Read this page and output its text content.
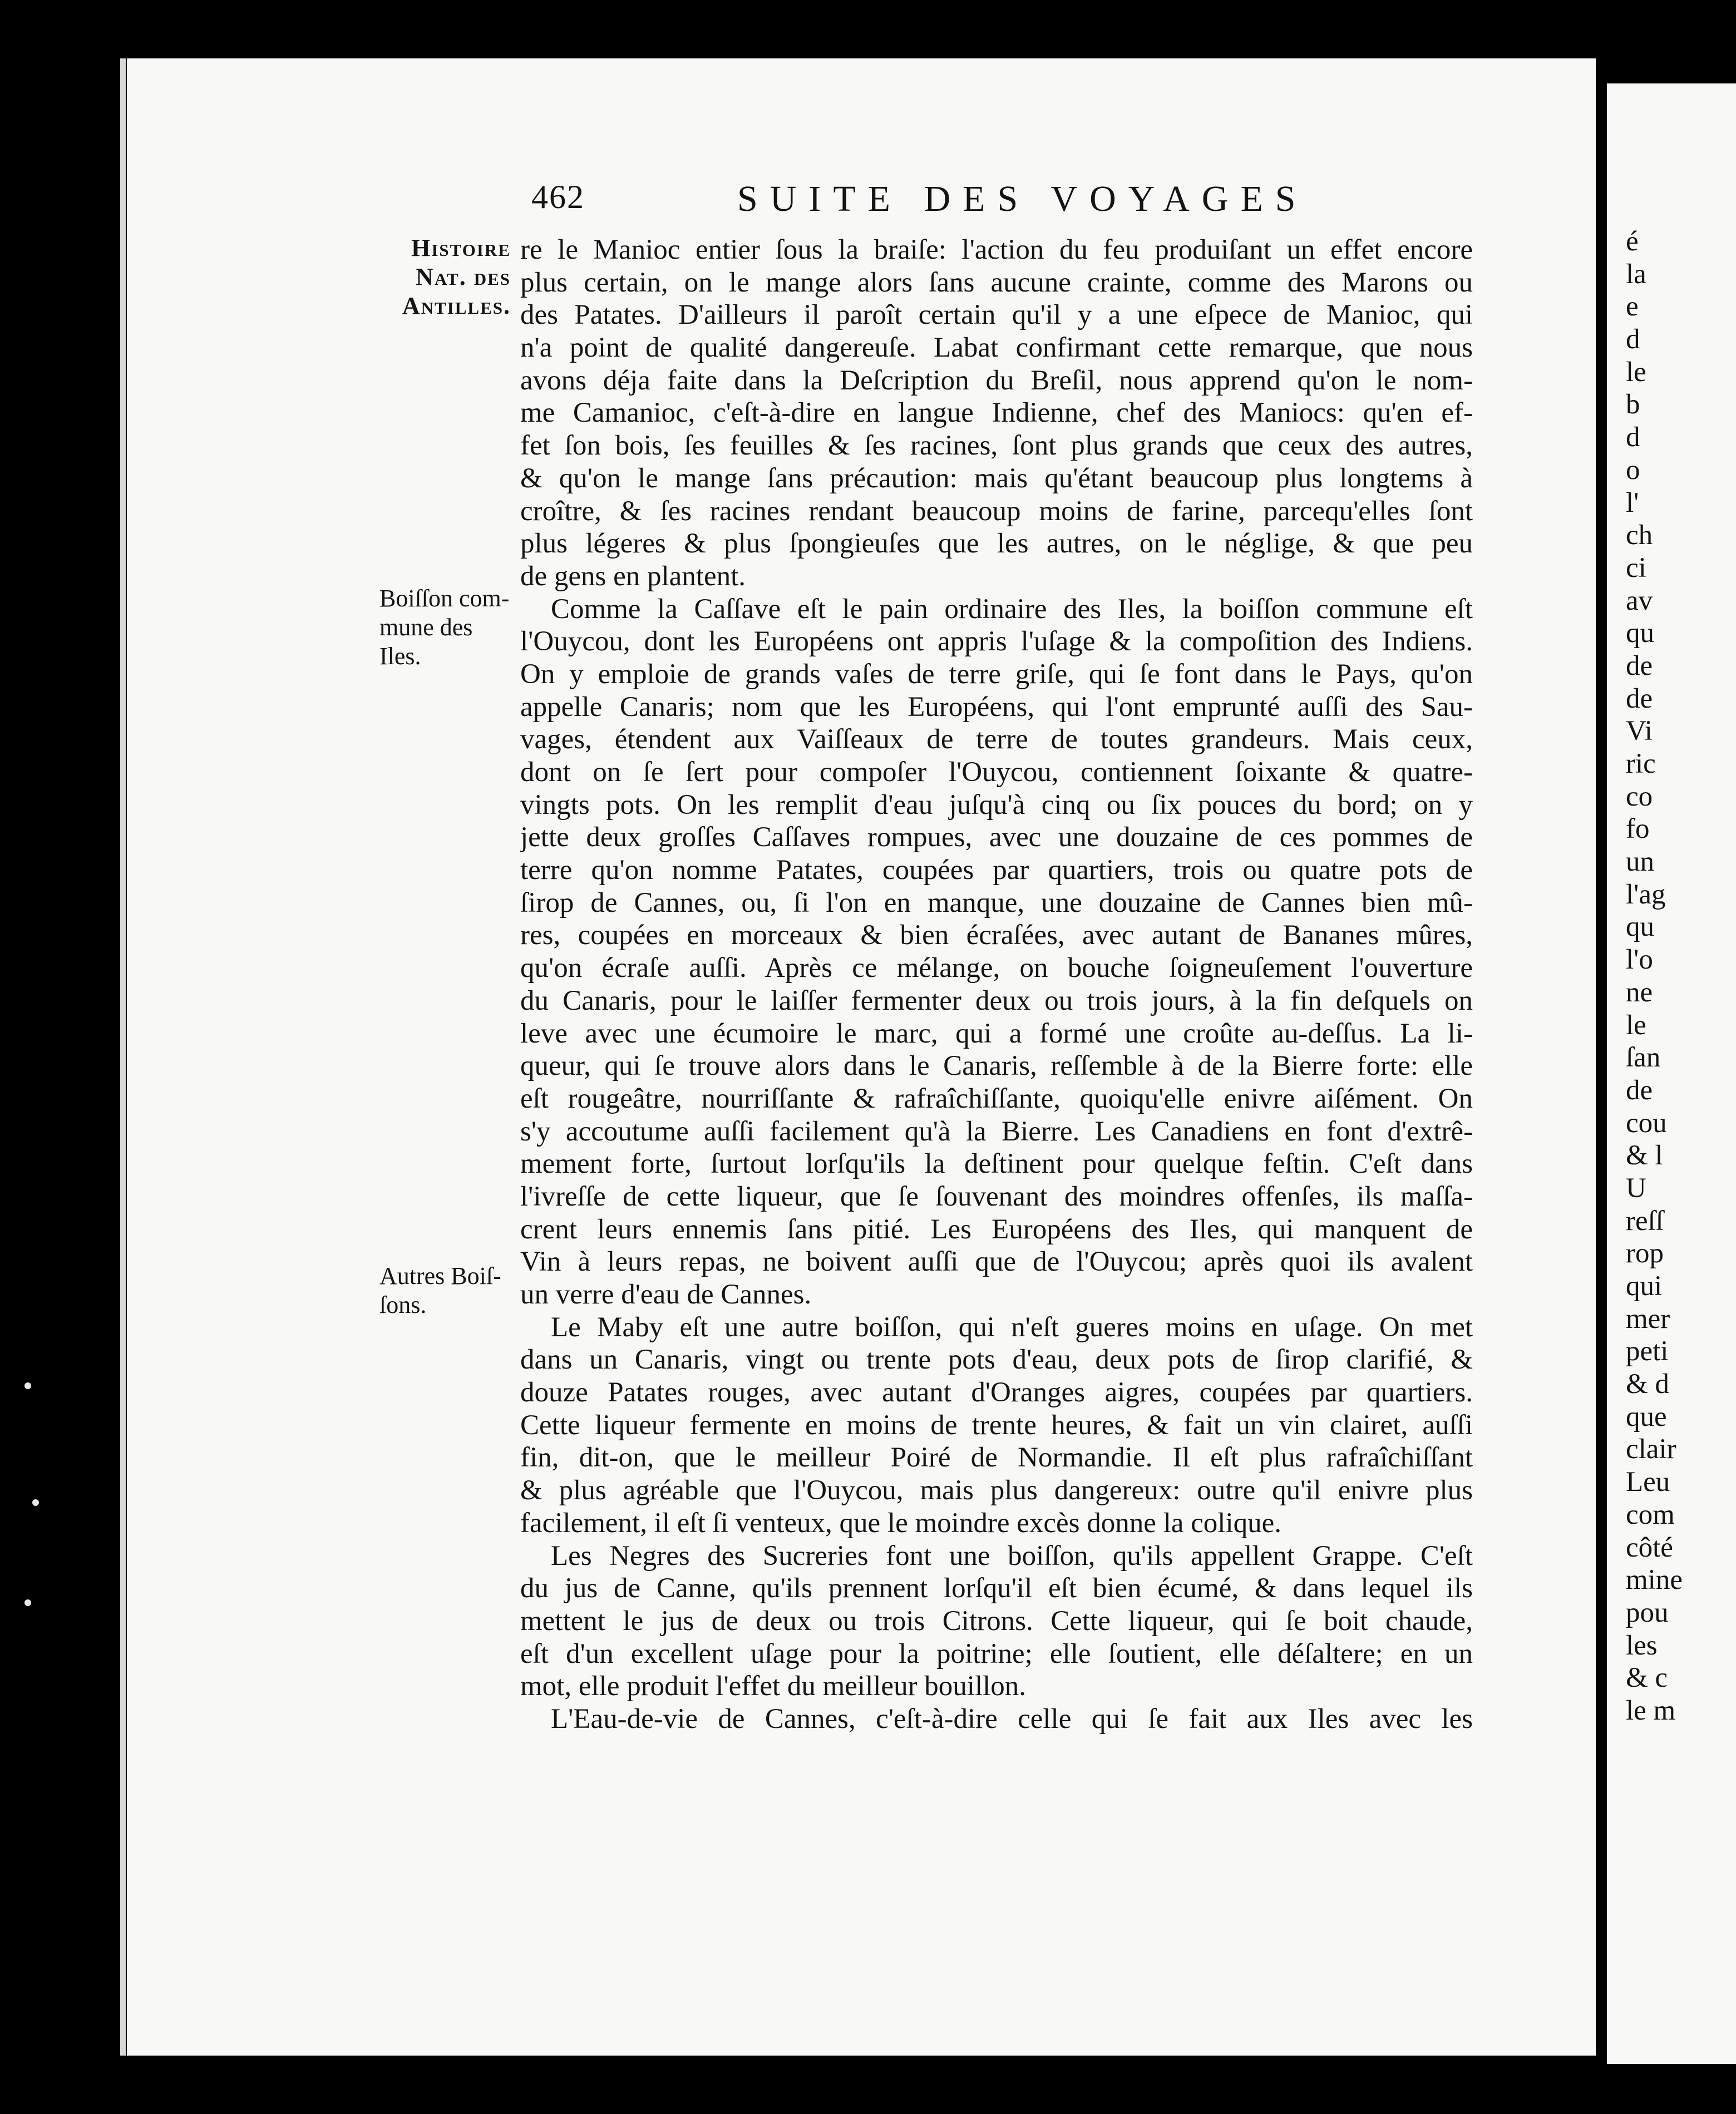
462	SUITE DES VOYAGES
Histoire
Nat. des
Antilles.
Boiſſon com-
mune des
Iles.
Autres Boiſ-
ſons.
re le Manioc entier ſous la braiſe: l'action du feu produiſant un effet encore
plus certain, on le mange alors ſans aucune crainte, comme des Marons ou
des Patates. D'ailleurs il paroît certain qu'il y a une eſpece de Manioc, qui
n'a point de qualité dangereuſe. Labat confirmant cette remarque, que nous
avons déja faite dans la Deſcription du Breſil, nous apprend qu'on le nom-
me Camanioc, c'eſt-à-dire en langue Indienne, chef des Maniocs: qu'en ef-
fet ſon bois, ſes feuilles & ſes racines, ſont plus grands que ceux des autres,
& qu'on le mange ſans précaution: mais qu'étant beaucoup plus longtems à
croître, & ſes racines rendant beaucoup moins de farine, parcequ'elles ſont
plus légeres & plus ſpongieuſes que les autres, on le néglige, & que peu
de gens en plantent.
Comme la Caſſave eſt le pain ordinaire des Iles, la boiſſon commune eſt
l'Ouycou, dont les Européens ont appris l'uſage & la compoſition des Indiens.
On y emploie de grands vaſes de terre griſe, qui ſe font dans le Pays, qu'on
appelle Canaris; nom que les Européens, qui l'ont emprunté auſſi des Sau-
vages, étendent aux Vaiſſeaux de terre de toutes grandeurs. Mais ceux,
dont on ſe ſert pour compoſer l'Ouycou, contiennent ſoixante & quatre-
vingts pots. On les remplit d'eau juſqu'à cinq ou ſix pouces du bord; on y
jette deux groſſes Caſſaves rompues, avec une douzaine de ces pommes de
terre qu'on nomme Patates, coupées par quartiers, trois ou quatre pots de
ſirop de Cannes, ou, ſi l'on en manque, une douzaine de Cannes bien mû-
res, coupées en morceaux & bien écraſées, avec autant de Bananes mûres,
qu'on écraſe auſſi. Après ce mélange, on bouche ſoigneuſement l'ouverture
du Canaris, pour le laiſſer fermenter deux ou trois jours, à la fin deſquels on
leve avec une écumoire le marc, qui a formé une croûte au-deſſus. La li-
queur, qui ſe trouve alors dans le Canaris, reſſemble à de la Bierre forte: elle
eſt rougeâtre, nourriſſante & rafraîchiſſante, quoiqu'elle enivre aiſément. On
s'y accoutume auſſi facilement qu'à la Bierre. Les Canadiens en font d'extrê-
mement forte, ſurtout lorſqu'ils la deſtinent pour quelque feſtin. C'eſt dans
l'ivreſſe de cette liqueur, que ſe ſouvenant des moindres offenſes, ils maſſa-
crent leurs ennemis ſans pitié. Les Européens des Iles, qui manquent de
Vin à leurs repas, ne boivent auſſi que de l'Ouycou; après quoi ils avalent
un verre d'eau de Cannes.
Le Maby eſt une autre boiſſon, qui n'eſt gueres moins en uſage. On met
dans un Canaris, vingt ou trente pots d'eau, deux pots de ſirop clarifié, &
douze Patates rouges, avec autant d'Oranges aigres, coupées par quartiers.
Cette liqueur fermente en moins de trente heures, & fait un vin clairet, auſſi
fin, dit-on, que le meilleur Poiré de Normandie. Il eſt plus rafraîchiſſant
& plus agréable que l'Ouycou, mais plus dangereux: outre qu'il enivre plus
facilement, il eſt ſi venteux, que le moindre excès donne la colique.
Les Negres des Sucreries font une boiſſon, qu'ils appellent Grappe. C'eſt
du jus de Canne, qu'ils prennent lorſqu'il eſt bien écumé, & dans lequel ils
mettent le jus de deux ou trois Citrons. Cette liqueur, qui ſe boit chaude,
eſt d'un excellent uſage pour la poitrine; elle ſoutient, elle déſaltere; en un
mot, elle produit l'effet du meilleur bouillon.
L'Eau-de-vie de Cannes, c'eſt-à-dire celle qui ſe fait aux Iles avec les
é
la
e
d
le
b
d
o
l'
ch
ci
av
qu
de
de
Vi
ric
co
fo
un
l'ag
qu
l'o
ne
le
ſan
de
cou
& l
U
reſſ
rop
qui
mer
peti
& d
que
clair
Leu
com
côté
mine
pou
les
& c
le m
